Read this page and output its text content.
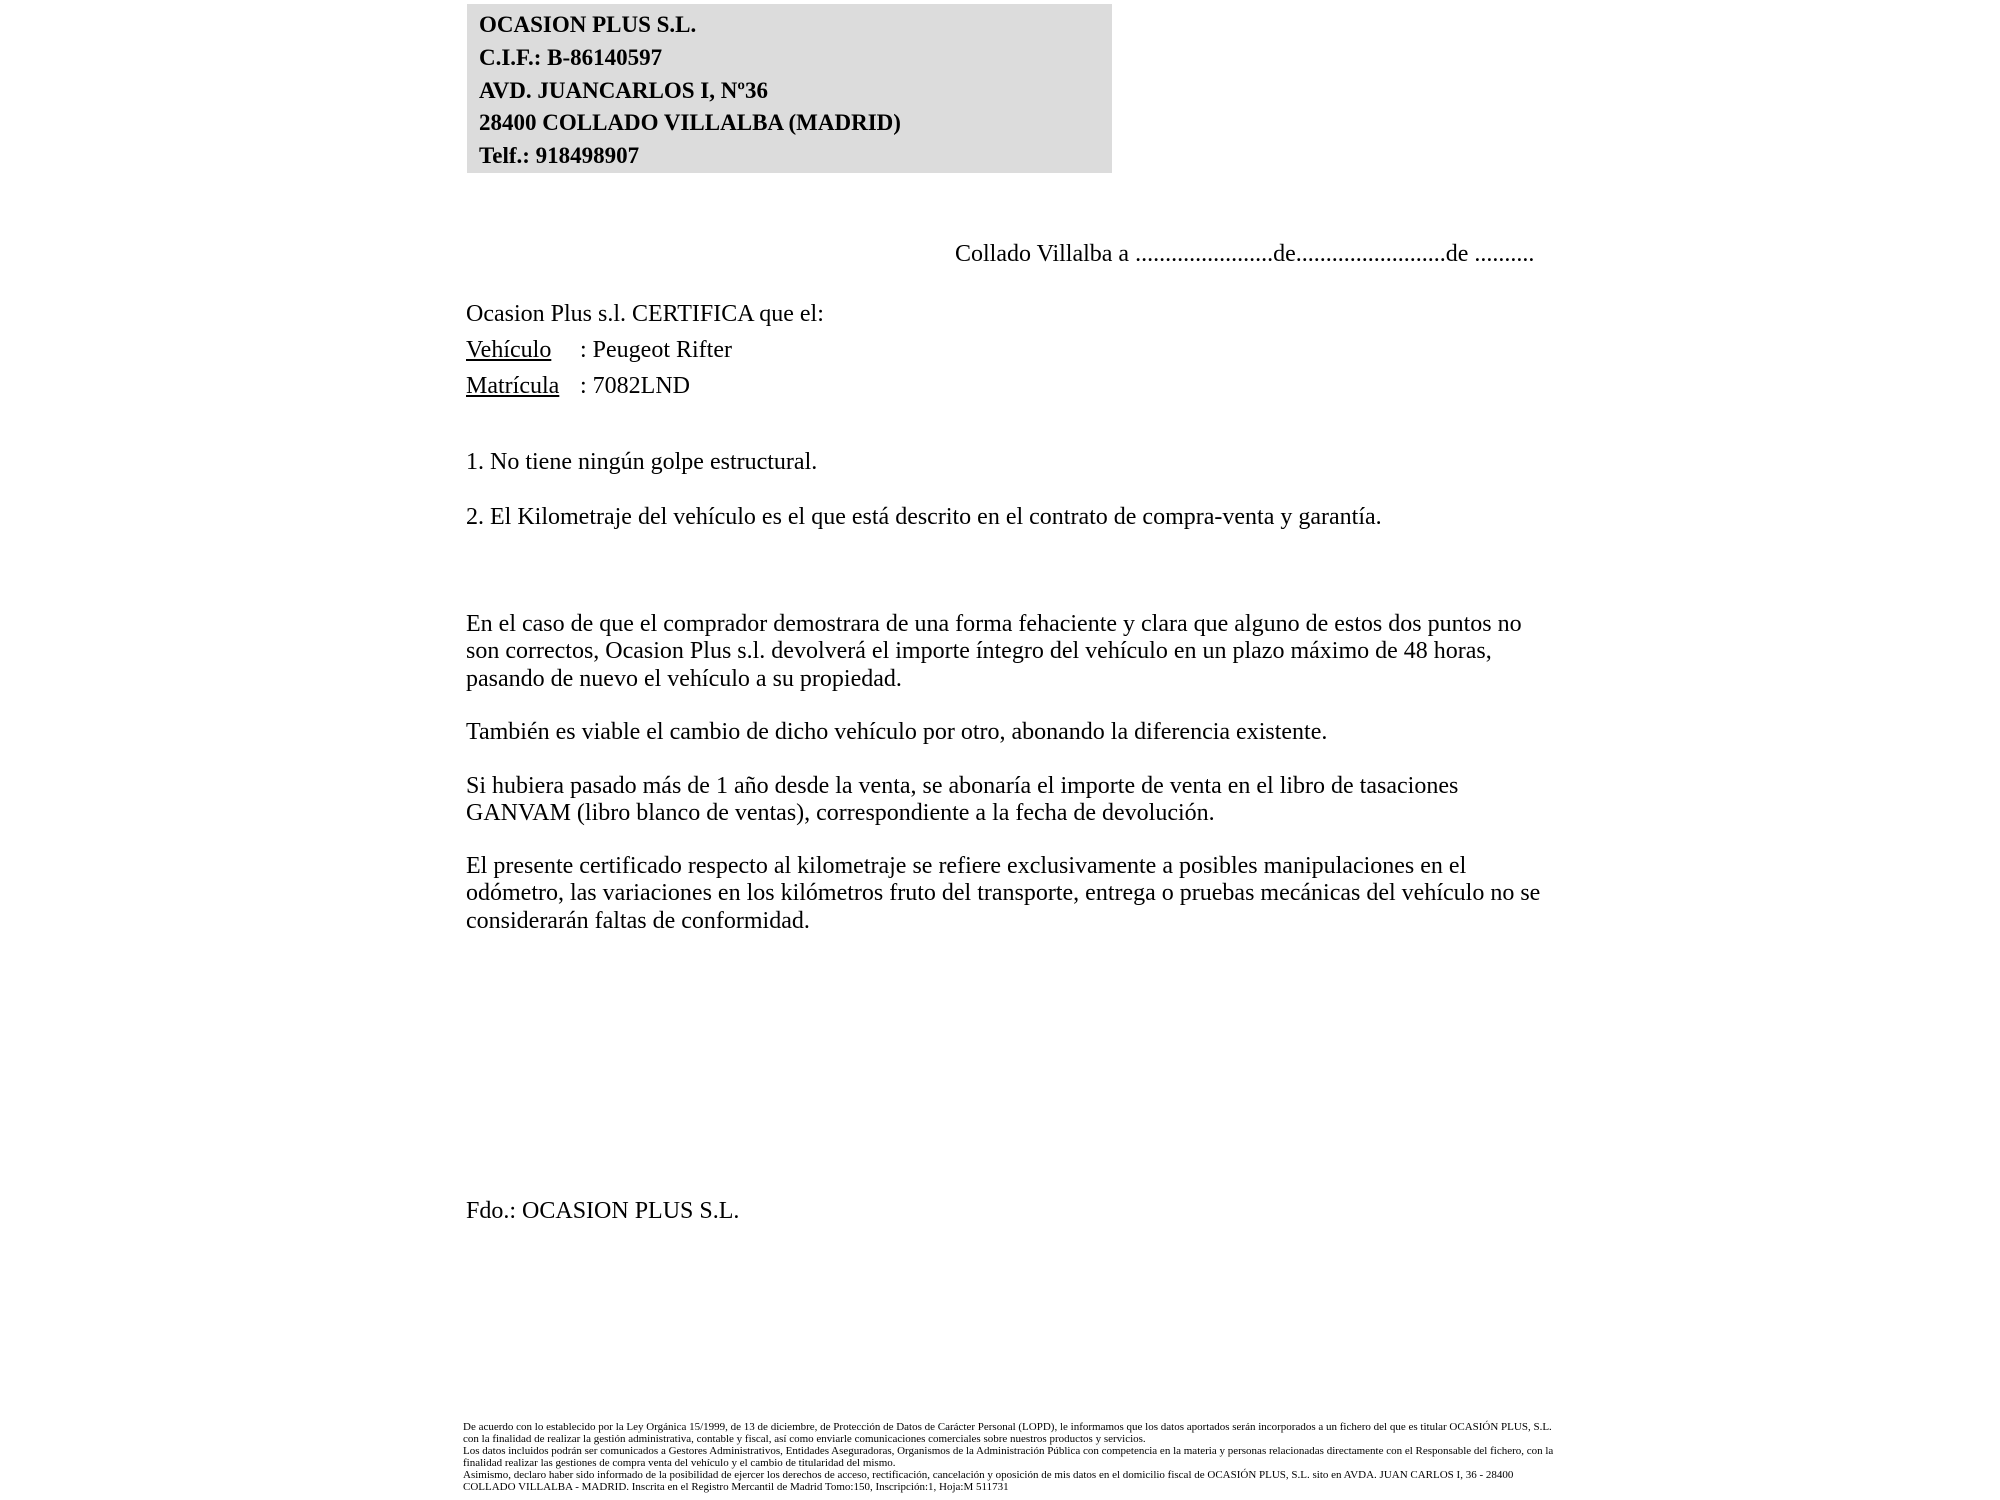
OCASION PLUS S.L.
C.I.F.: B-86140597
AVD. JUANCARLOS I, Nº36
28400 COLLADO VILLALBA (MADRID)
Telf.: 918498907
Collado Villalba a .......................de.........................de ..........
Ocasion Plus s.l. CERTIFICA que el:
Vehículo : Peugeot Rifter
Matrícula : 7082LND
1. No tiene ningún golpe estructural.
2. El Kilometraje del vehículo es el que está descrito en el contrato de compra-venta y garantía.
En el caso de que el comprador demostrara de una forma fehaciente y clara que alguno de estos dos puntos no son correctos, Ocasion Plus s.l. devolverá el importe íntegro del vehículo en un plazo máximo de 48 horas, pasando de nuevo el vehículo a su propiedad.
También es viable el cambio de dicho vehículo por otro, abonando la diferencia existente.
Si hubiera pasado más de 1 año desde la venta, se abonaría el importe de venta en el libro de tasaciones GANVAM (libro blanco de ventas), correspondiente a la fecha de devolución.
El presente certificado respecto al kilometraje se refiere exclusivamente a posibles manipulaciones en el odómetro, las variaciones en los kilómetros fruto del transporte, entrega o pruebas mecánicas del vehículo no se considerarán faltas de conformidad.
Fdo.: OCASION PLUS S.L.

De acuerdo con lo establecido por la Ley Orgánica 15/1999, de 13 de diciembre, de Protección de Datos de Carácter Personal (LOPD), le informamos que los datos aportados serán incorporados a un fichero del que es titular OCASIÓN PLUS, S.L. con la finalidad de realizar la gestión administrativa, contable y fiscal, así como enviarle comunicaciones comerciales sobre nuestros productos y servicios.

Los datos incluidos podrán ser comunicados a Gestores Administrativos, Entidades Aseguradoras, Organismos de la Administración Pública con competencia en la materia y personas relacionadas directamente con el Responsable del fichero, con la finalidad realizar las gestiones de compra venta del vehículo y el cambio de titularidad del mismo.

Asimismo, declaro haber sido informado de la posibilidad de ejercer los derechos de acceso, rectificación, cancelación y oposición de mis datos en el domicilio fiscal de OCASIÓN PLUS, S.L. sito en AVDA. JUAN CARLOS I, 36 - 28400 COLLADO VILLALBA - MADRID. Inscrita en el Registro Mercantil de Madrid Tomo:150, Inscripción:1, Hoja:M 511731
